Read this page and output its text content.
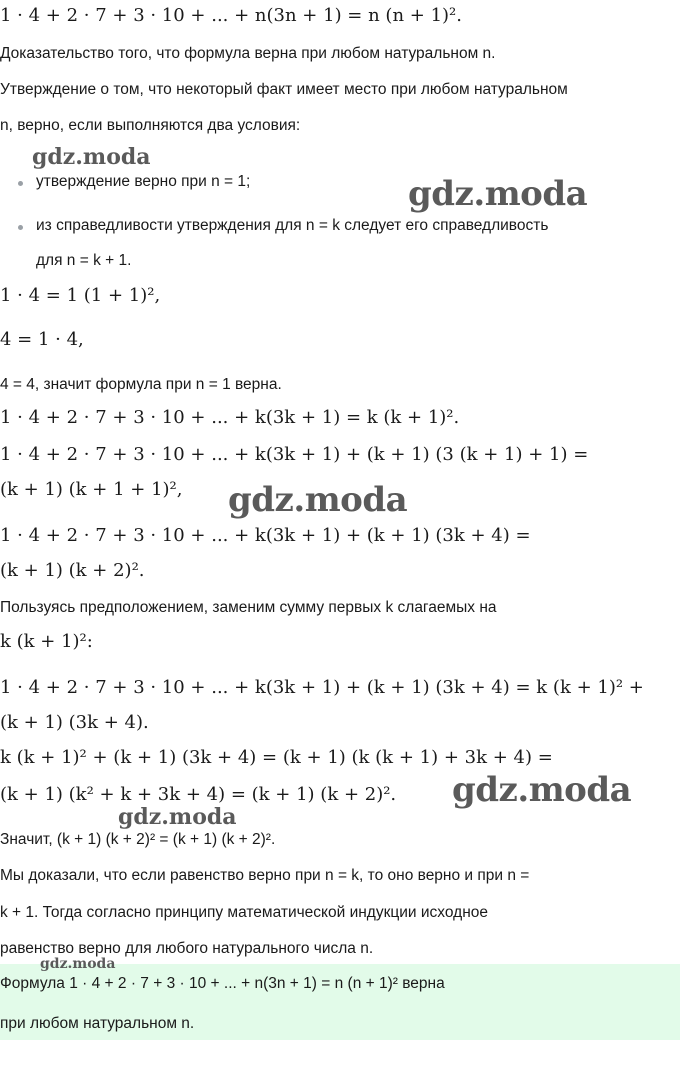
1 · 4 + 2 · 7 + 3 · 10 + ... + n(3n + 1) = n (n + 1)².
Доказательство того, что формула верна при любом натуральном n.
Утверждение о том, что некоторый факт имеет место при любом натуральном
n, верно, если выполняются два условия:
утверждение верно при n = 1;
из справедливости утверждения для n = k следует его справедливость
для n = k + 1.
1 · 4 = 1 (1 + 1)²,
4 = 1 · 4,
4 = 4, значит формула при n = 1 верна.
1 · 4 + 2 · 7 + 3 · 10 + ... + k(3k + 1) = k (k + 1)².
1 · 4 + 2 · 7 + 3 · 10 + ... + k(3k + 1) + (k + 1) (3 (k + 1) + 1) =
(k + 1) (k + 1 + 1)²,
1 · 4 + 2 · 7 + 3 · 10 + ... + k(3k + 1) + (k + 1) (3k + 4) =
(k + 1) (k + 2)².
Пользуясь предположением, заменим сумму первых k слагаемых на
k (k + 1)²:
1 · 4 + 2 · 7 + 3 · 10 + ... + k(3k + 1) + (k + 1) (3k + 4) = k (k + 1)² +
(k + 1) (3k + 4).
k (k + 1)² + (k + 1) (3k + 4) = (k + 1) (k (k + 1) + 3k + 4) =
(k + 1) (k² + k + 3k + 4) = (k + 1) (k + 2)².
Значит, (k + 1) (k + 2)² = (k + 1) (k + 2)².
Мы доказали, что если равенство верно при n = k, то оно верно и при n =
k + 1. Тогда согласно принципу математической индукции исходное
равенство верно для любого натурального числа n.
Формула 1 · 4 + 2 · 7 + 3 · 10 + ... + n(3n + 1) = n (n + 1)² верна
при любом натуральном n.
gdz.moda
gdz.moda
gdz.moda
gdz.moda
gdz.moda
gdz.moda
